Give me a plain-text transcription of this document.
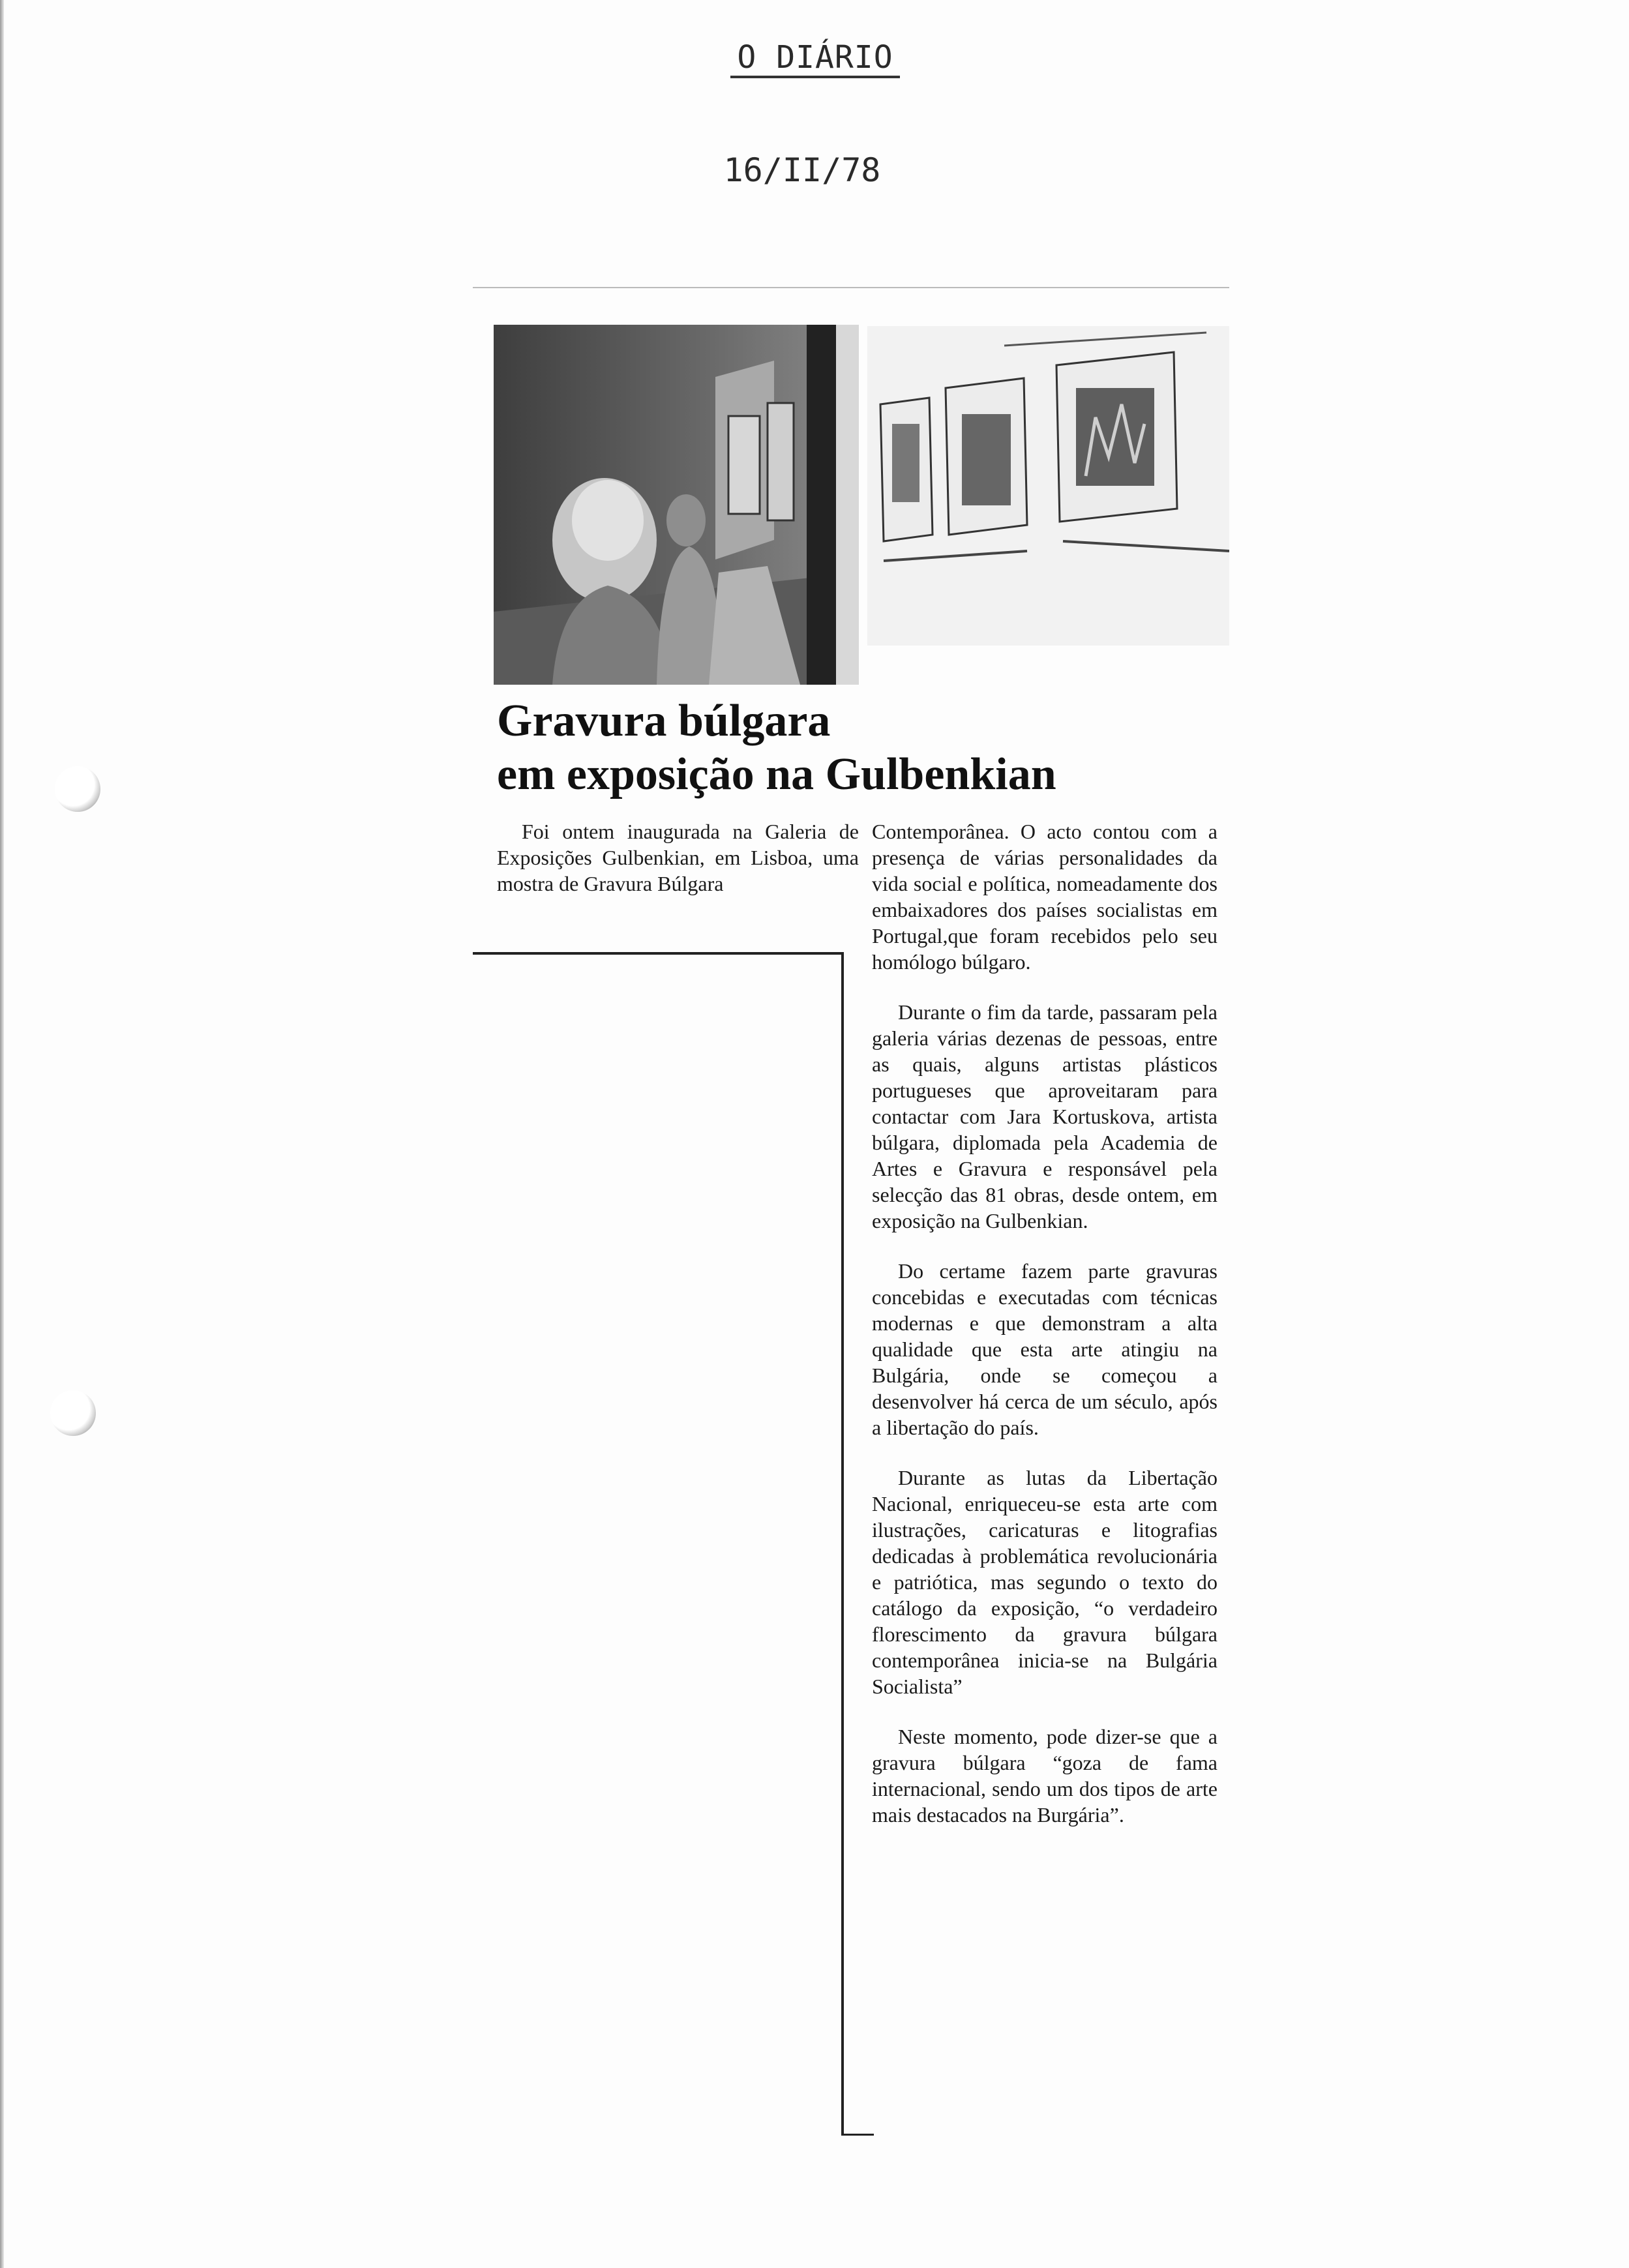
O DIÁRIO
16/II/78
Gravura búlgara
em exposição na Gulbenkian
Foi ontem inaugurada na Galeria de Exposições Gulbenkian, em Lisboa, uma mostra de Gravura Búlgara

Contemporânea. O acto contou com a presença de várias personalidades da vida social e política, nomeadamente dos embaixadores dos países socialistas em Portugal,que foram recebidos pelo seu homólogo búlgaro.

Durante o fim da tarde, passaram pela galeria várias dezenas de pessoas, entre as quais, alguns artistas plásticos portugueses que aproveitaram para contactar com Jara Kortuskova, artista búlgara, diplomada pela Academia de Artes e Gravura e responsável pela selecção das 81 obras, desde ontem, em exposição na Gulbenkian.

Do certame fazem parte gravuras concebidas e executadas com técnicas modernas e que demonstram a alta qualidade que esta arte atingiu na Bulgária, onde se começou a desenvolver há cerca de um século, após a libertação do país.

Durante as lutas da Libertação Nacional, enriqueceu-se esta arte com ilustrações, caricaturas e litografias dedicadas à problemática revolucionária e patriótica, mas segundo o texto do catálogo da exposição, “o verdadeiro florescimento da gravura búlgara contemporânea inicia-se na Bulgária Socialista”

Neste momento, pode dizer-se que a gravura búlgara “goza de fama internacional, sendo um dos tipos de arte mais destacados na Burgária”.
